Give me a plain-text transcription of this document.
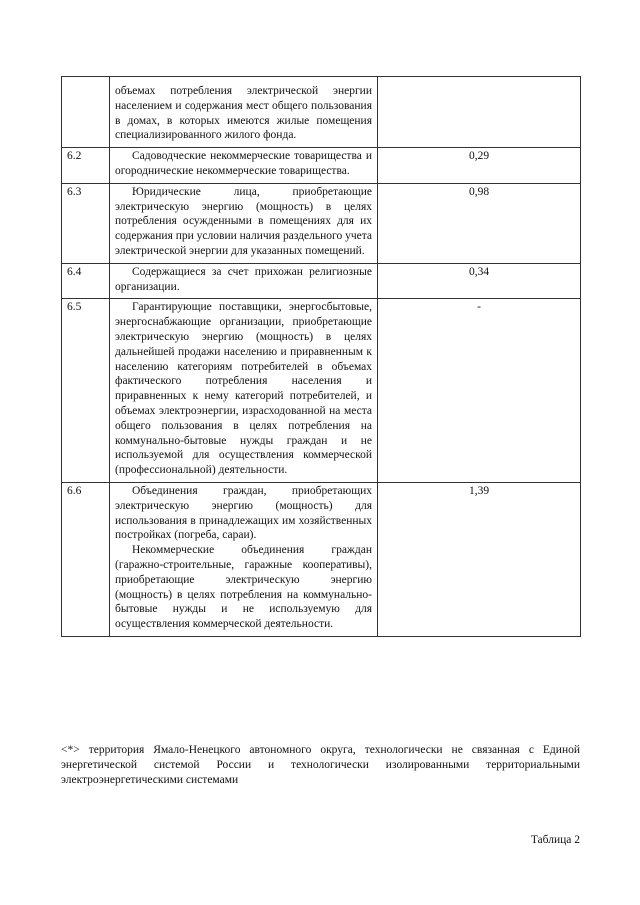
	объемах потребления электрической энергии населением и содержания мест общего пользования в домах, в которых имеются жилые помещения специализированного жилого фонда.	

6.2	Садоводческие некоммерческие товарищества и огороднические некоммерческие товарищества.	0,29
6.3	Юридические лица, приобретающие электрическую энергию (мощность) в целях потребления осужденными в помещениях для их содержания при условии наличия раздельного учета электрической энергии для указанных помещений.	0,98
6.4	Содержащиеся за счет прихожан религиозные организации.	0,34
6.5	Гарантирующие поставщики, энергосбытовые, энергоснабжающие организации, приобретающие электрическую энергию (мощность) в целях дальнейшей продажи населению и приравненным к населению категориям потребителей в объемах фактического потребления населения и приравненных к нему категорий потребителей, и объемах электроэнергии, израсходованной на места общего пользования в целях потребления на коммунально-бытовые нужды граждан и не используемой для осуществления коммерческой (профессиональной) деятельности.	-
6.6	Объединения граждан, приобретающих электрическую энергию (мощность) для использования в принадлежащих им хозяйственных постройках (погреба, сараи).

Некоммерческие объединения граждан (гаражно-строительные, гаражные кооперативы), приобретающие электрическую энергию (мощность) в целях потребления на коммунально-бытовые нужды и не используемую для осуществления коммерческой деятельности.	1,39

<*> территория Ямало-Ненецкого автономного округа, технологически не связанная с Единой энергетической системой России и технологически изолированными территориальными электроэнергетическими системами

Таблица 2
